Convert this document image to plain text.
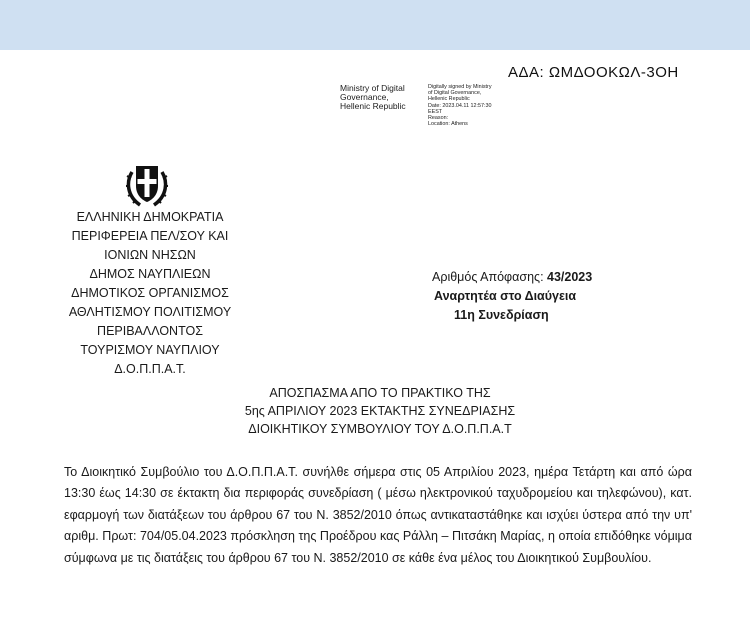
ΑΔΑ: ΩΜΔΟΟΚΩΛ-3ΟΗ
Ministry of Digital
Governance,
Hellenic Republic
Digitally signed by Ministry
of Digital Governance,
Hellenic Republic
Date: 2023.04.11 12:57:30
EEST
Reason:
Location: Athens
ΕΛΛΗΝΙΚΗ ΔΗΜΟΚΡΑΤΙΑ
ΠΕΡΙΦΕΡΕΙΑ ΠΕΛ/ΣΟΥ ΚΑΙ
ΙΟΝΙΩΝ ΝΗΣΩΝ
ΔΗΜΟΣ ΝΑΥΠΛΙΕΩΝ
ΔΗΜΟΤΙΚΟΣ ΟΡΓΑΝΙΣΜΟΣ
ΑΘΛΗΤΙΣΜΟΥ ΠΟΛΙΤΙΣΜΟΥ
ΠΕΡΙΒΑΛΛΟΝΤΟΣ
ΤΟΥΡΙΣΜΟΥ ΝΑΥΠΛΙΟΥ
Δ.Ο.Π.Π.Α.Τ.
Αριθμός Απόφασης: 43/2023
Αναρτητέα στο Διαύγεια
11η Συνεδρίαση
ΑΠΟΣΠΑΣΜΑ ΑΠΟ ΤΟ ΠΡΑΚΤΙΚΟ ΤΗΣ
5ης ΑΠΡΙΛΙΟΥ 2023 ΕΚΤΑΚΤΗΣ ΣΥΝΕΔΡΙΑΣΗΣ
ΔΙΟΙΚΗΤΙΚΟΥ ΣΥΜΒΟΥΛΙΟΥ ΤΟΥ Δ.Ο.Π.Π.Α.Τ
Το Διοικητικό Συμβούλιο του Δ.Ο.Π.Π.Α.Τ. συνήλθε σήμερα στις 05 Απριλίου 2023, ημέρα Τετάρτη και από ώρα 13:30 έως 14:30 σε έκτακτη δια περιφοράς συνεδρίαση ( μέσω ηλεκτρονικού ταχυδρομείου και τηλεφώνου), κατ. εφαρμογή των διατάξεων του άρθρου 67 του Ν. 3852/2010 όπως αντικαταστάθηκε και ισχύει ύστερα από την υπ' αριθμ. Πρωτ: 704/05.04.2023 πρόσκληση της Προέδρου κας Ράλλη – Πιτσάκη Μαρίας, η οποία επιδόθηκε νόμιμα σύμφωνα με τις διατάξεις του άρθρου 67 του Ν. 3852/2010 σε κάθε ένα μέλος του Διοικητικού Συμβουλίου.
